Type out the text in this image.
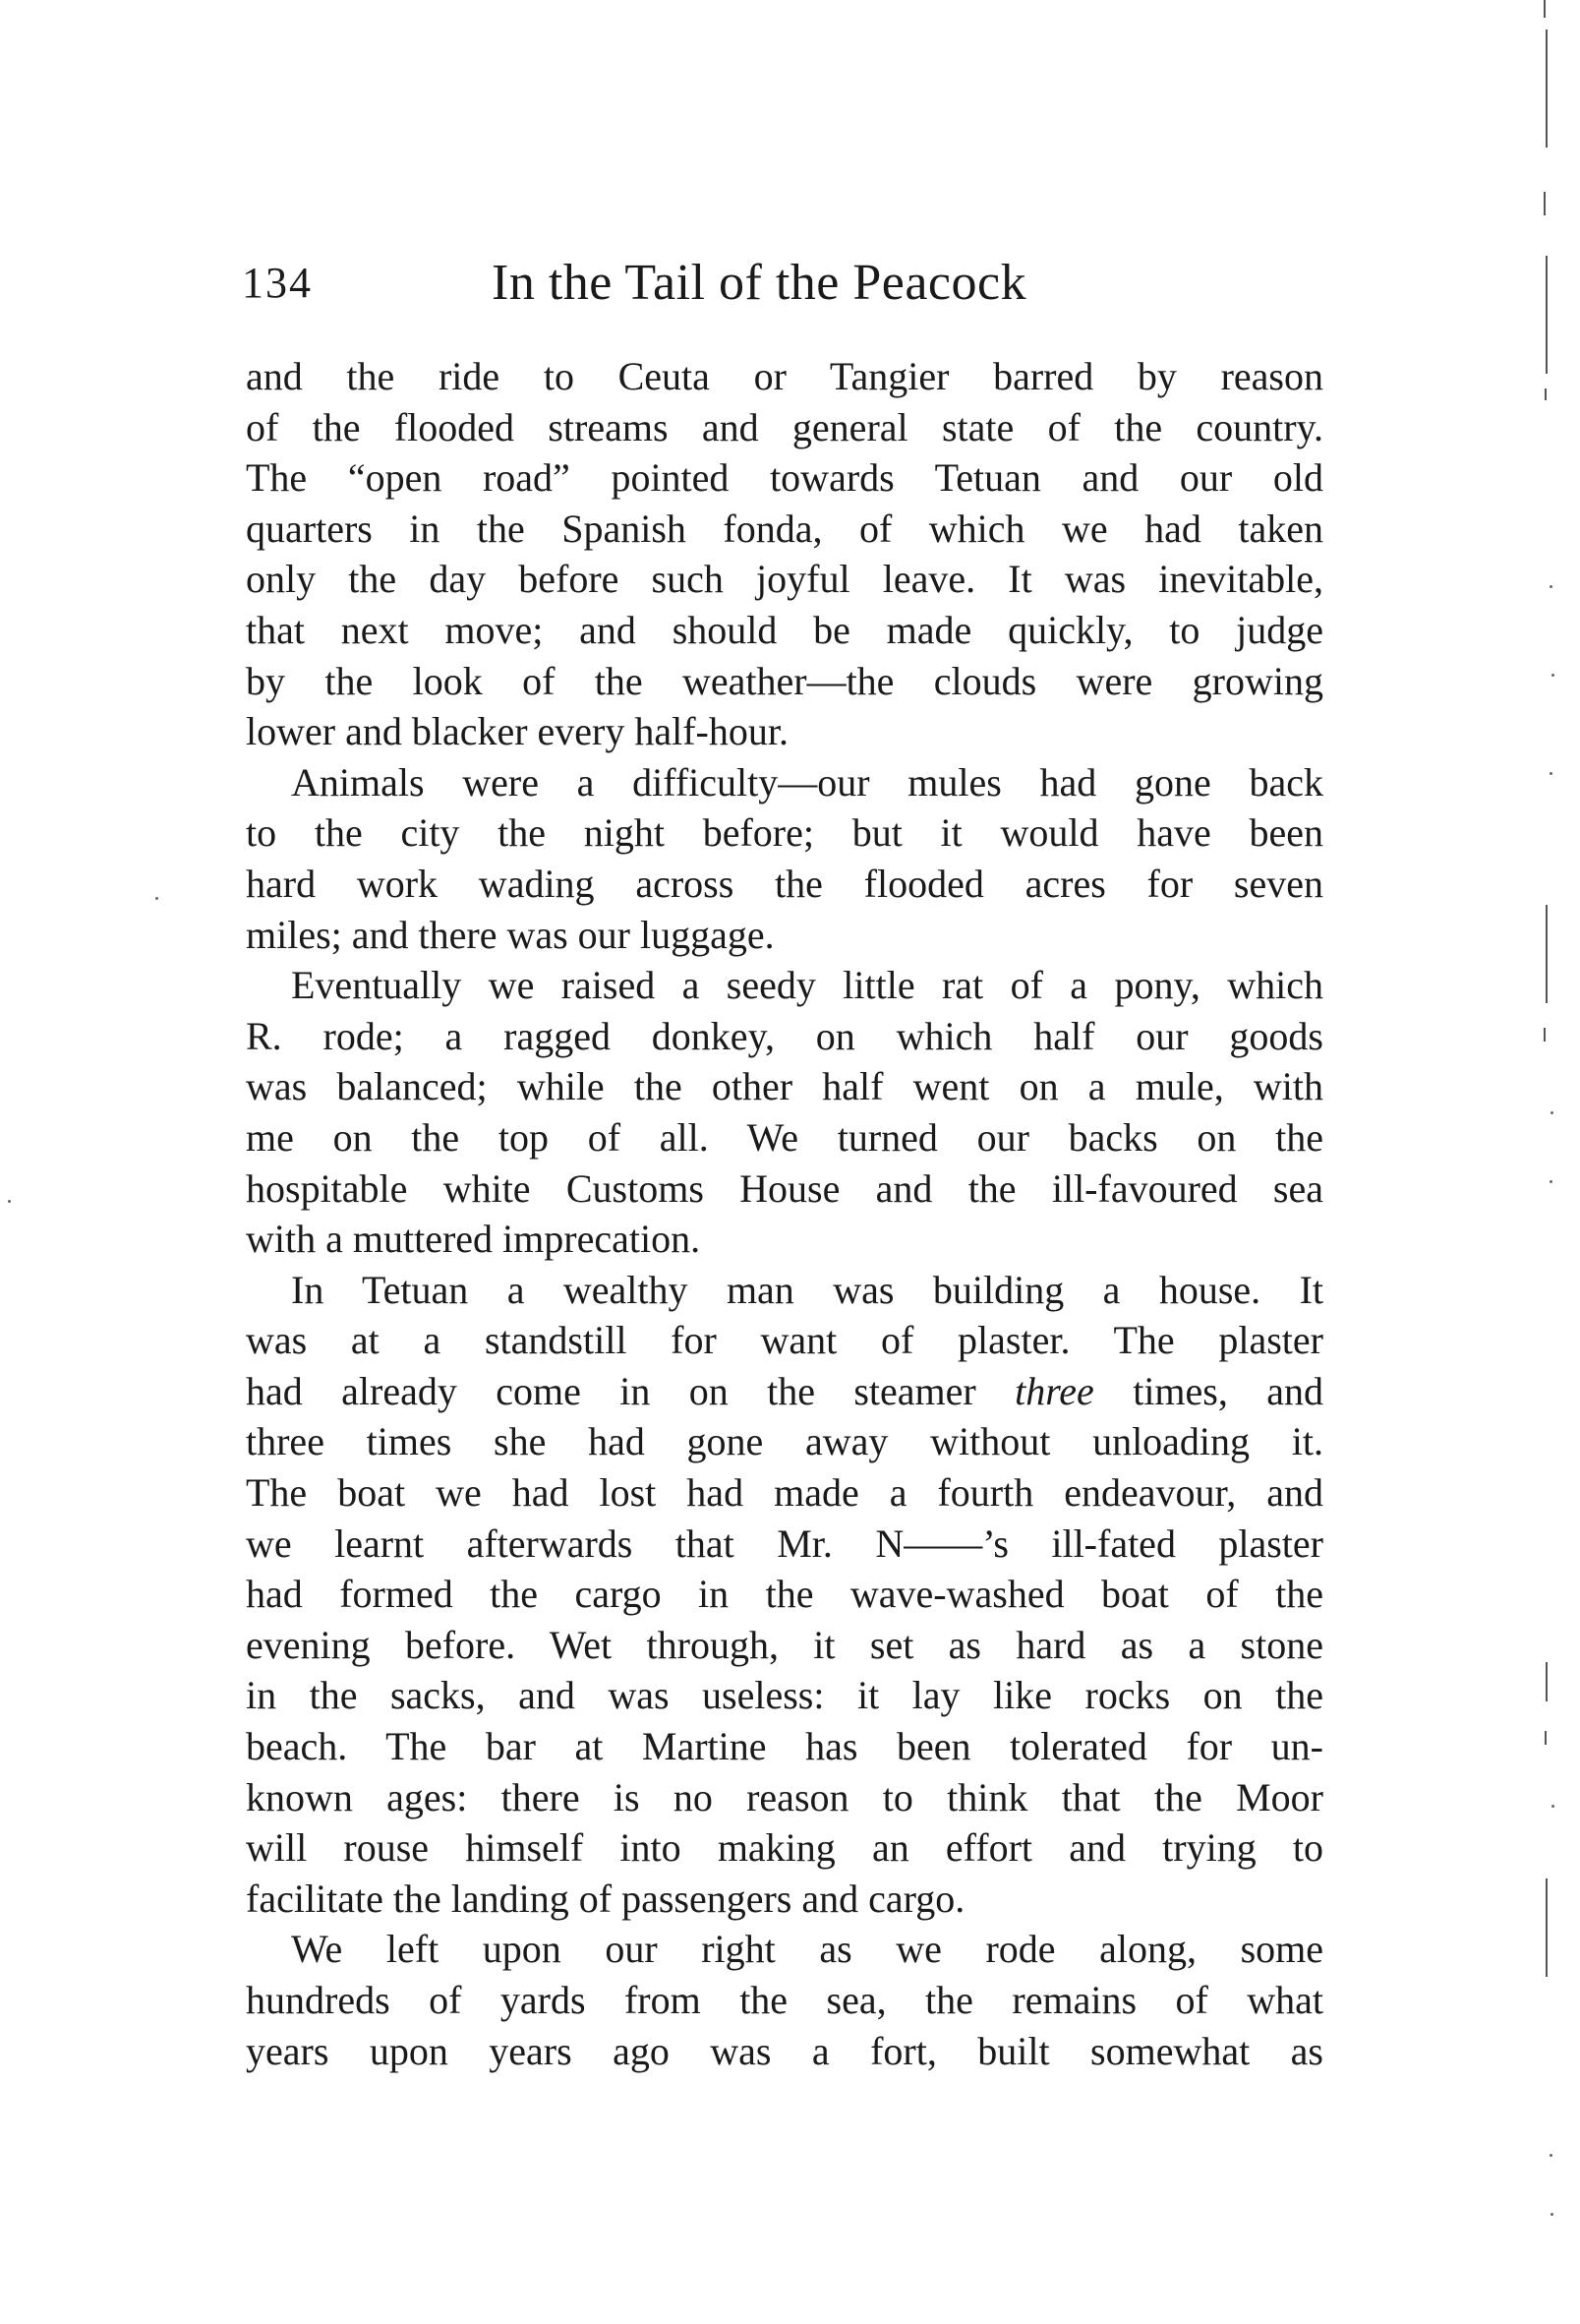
134	In the Tail of the Peacock
and the ride to Ceuta or Tangier barred by reason
of the flooded streams and general state of the country.
The “open road” pointed towards Tetuan and our old
quarters in the Spanish fonda, of which we had taken
only the day before such joyful leave. It was inevitable,
that next move; and should be made quickly, to judge
by the look of the weather—the clouds were growing
lower and blacker every half-hour.
Animals were a difficulty—our mules had gone back
to the city the night before; but it would have been
hard work wading across the flooded acres for seven
miles; and there was our luggage.
Eventually we raised a seedy little rat of a pony, which
R. rode; a ragged donkey, on which half our goods
was balanced; while the other half went on a mule, with
me on the top of all. We turned our backs on the
hospitable white Customs House and the ill-favoured sea
with a muttered imprecation.
In Tetuan a wealthy man was building a house. It
was at a standstill for want of plaster. The plaster
had already come in on the steamer three times, and
three times she had gone away without unloading it.
The boat we had lost had made a fourth endeavour, and
we learnt afterwards that Mr. N——’s ill-fated plaster
had formed the cargo in the wave-washed boat of the
evening before. Wet through, it set as hard as a stone
in the sacks, and was useless: it lay like rocks on the
beach. The bar at Martine has been tolerated for un-
known ages: there is no reason to think that the Moor
will rouse himself into making an effort and trying to
facilitate the landing of passengers and cargo.
We left upon our right as we rode along, some
hundreds of yards from the sea, the remains of what
years upon years ago was a fort, built somewhat as
